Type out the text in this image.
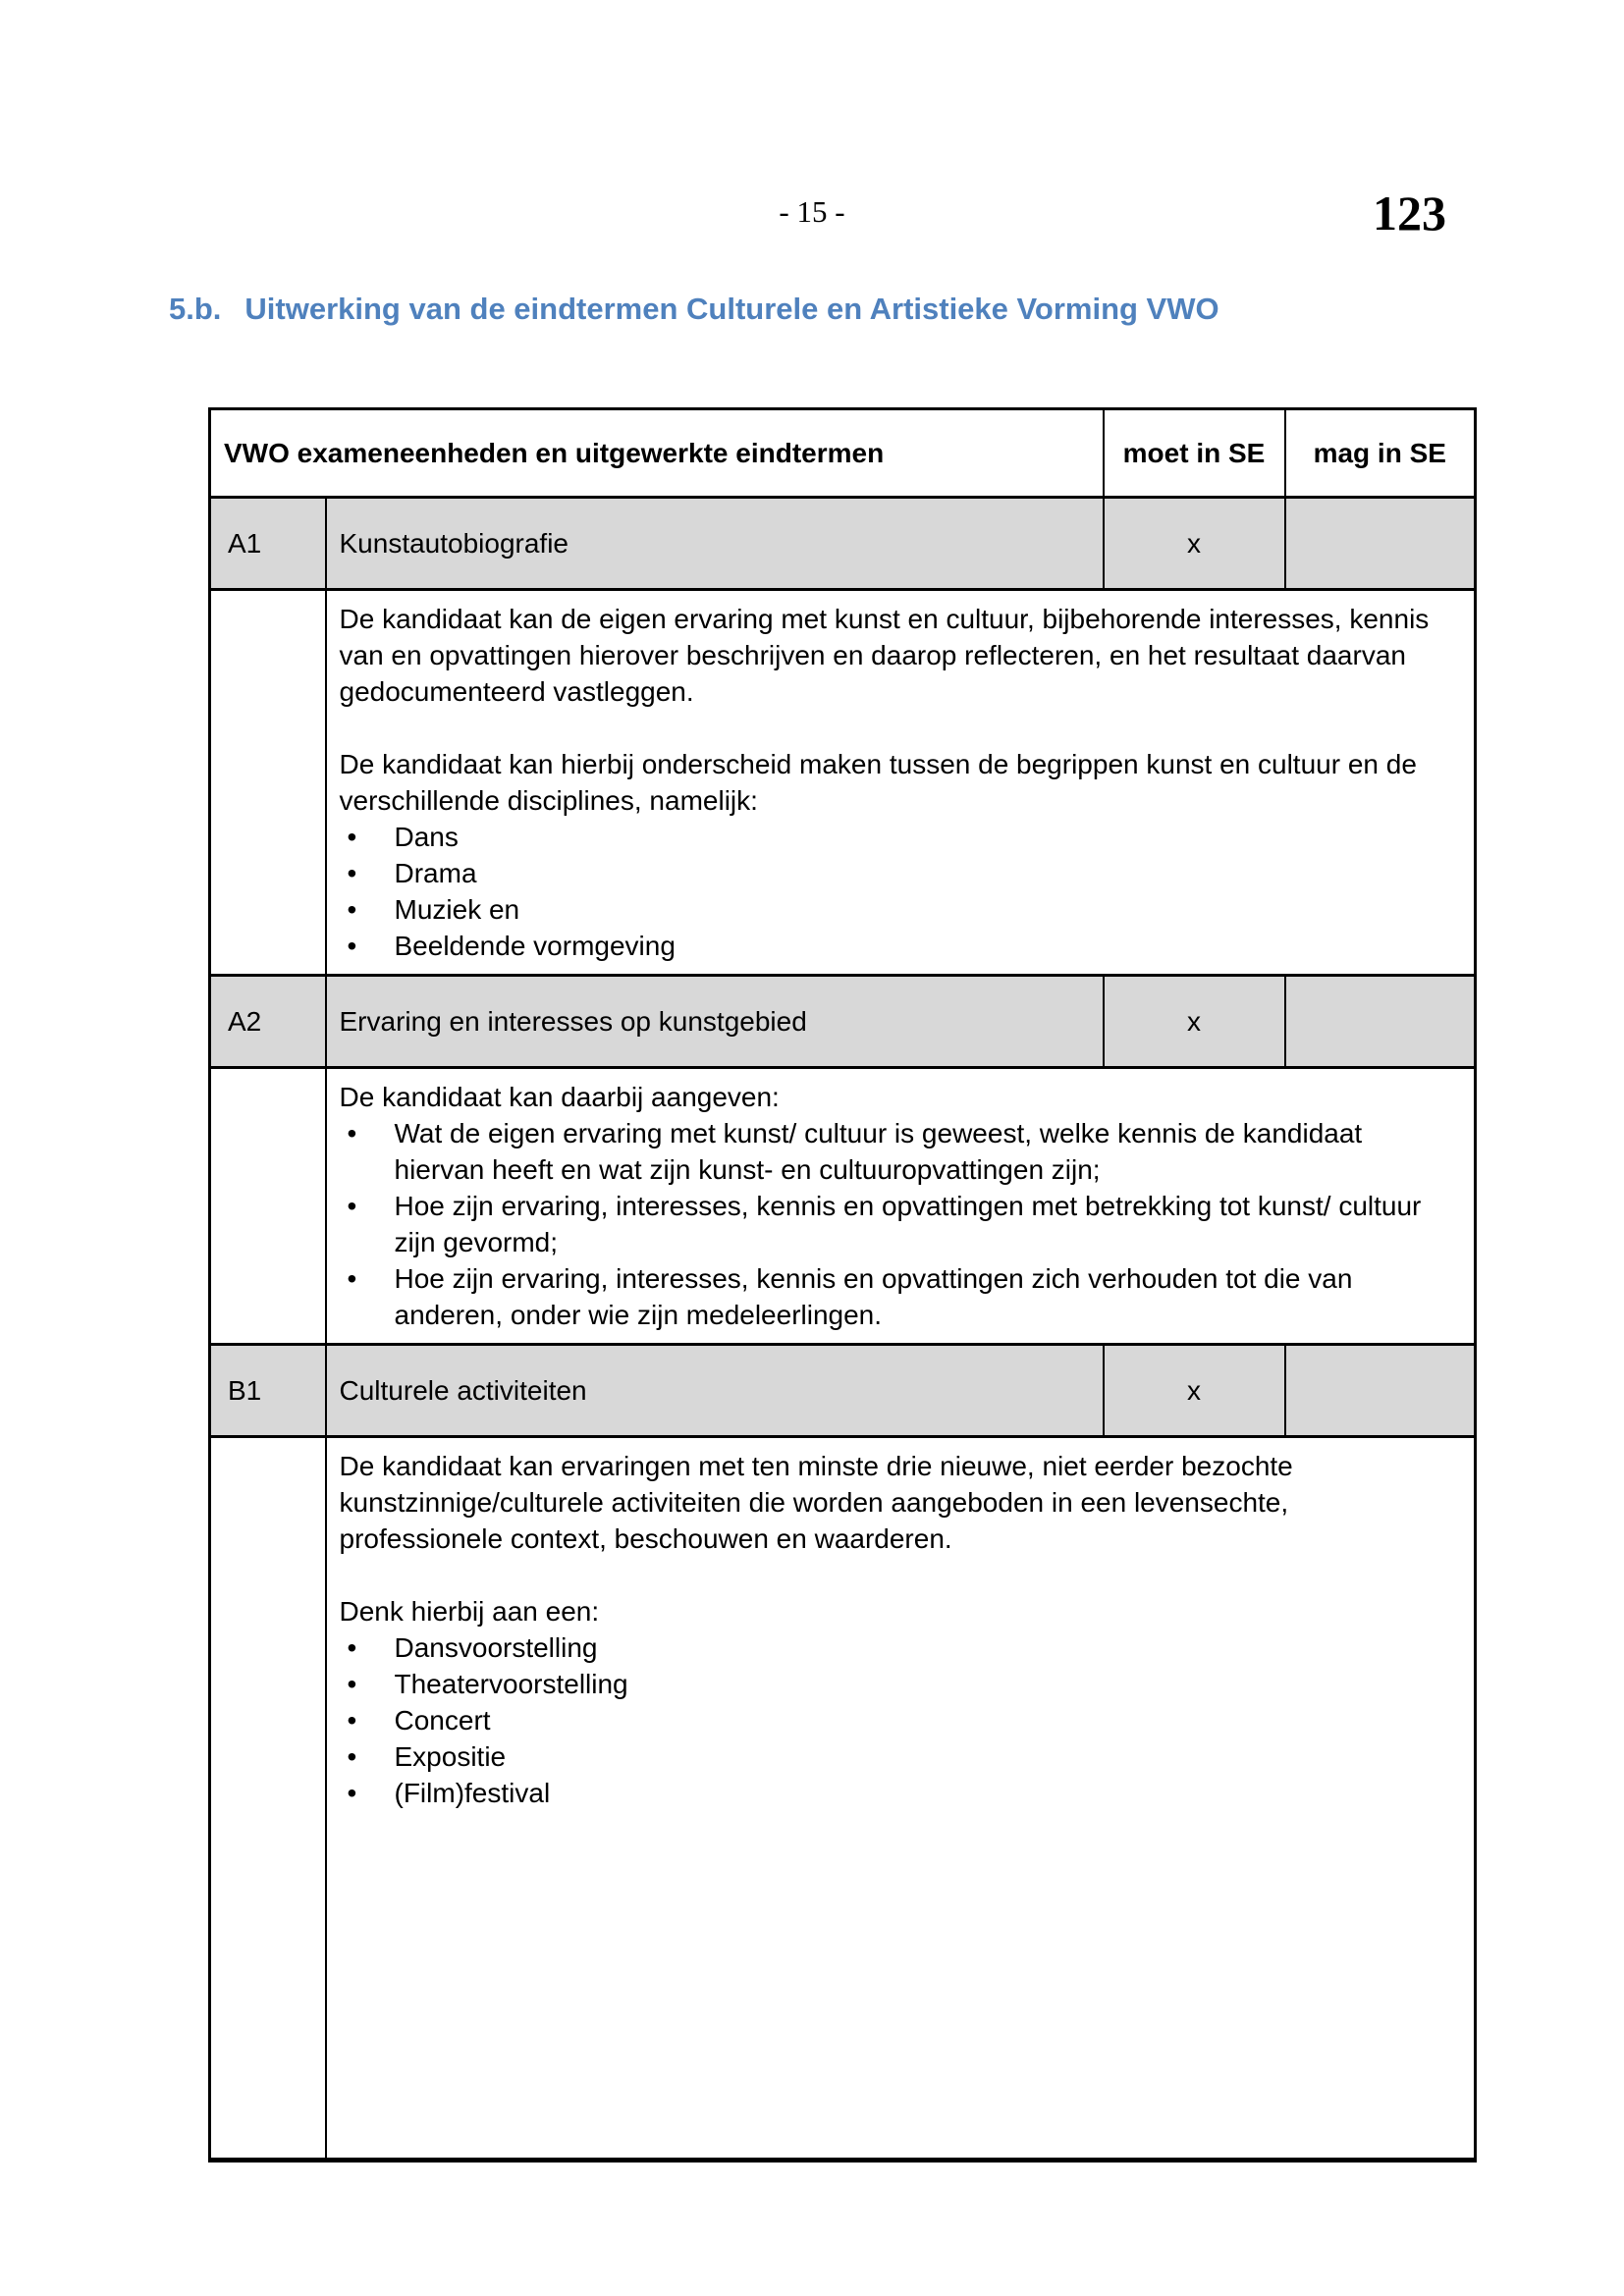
- 15 -	123
5.b. Uitwerking van de eindtermen Culturele en Artistieke Vorming VWO
VWO exameneenheden en uitgewerkte eindtermen		moet in SE	mag in SE
A1	Kunstautobiografie	x	

De kandidaat kan de eigen ervaring met kunst en cultuur, bijbehorende interesses, kennis van en opvattingen hierover beschrijven en daarop reflecteren, en het resultaat daarvan gedocumenteerd vastleggen.

De kandidaat kan hierbij onderscheid maken tussen de begrippen kunst en cultuur en de verschillende disciplines, namelijk:

• Dans
• Drama
• Muziek en
• Beeldende vormgeving

A2	Ervaring en interesses op kunstgebied	x	

De kandidaat kan daarbij aangeven:

• Wat de eigen ervaring met kunst/ cultuur is geweest, welke kennis de kandidaat hiervan heeft en wat zijn kunst- en cultuuropvattingen zijn;
• Hoe zijn ervaring, interesses, kennis en opvattingen met betrekking tot kunst/ cultuur zijn gevormd;
• Hoe zijn ervaring, interesses, kennis en opvattingen zich verhouden tot die van anderen, onder wie zijn medeleerlingen.

B1	Culturele activiteiten	x	

De kandidaat kan ervaringen met ten minste drie nieuwe, niet eerder bezochte kunstzinnige/culturele activiteiten die worden aangeboden in een levensechte, professionele context, beschouwen en waarderen.

Denk hierbij aan een:

• Dansvoorstelling
• Theatervoorstelling
• Concert
• Expositie
• (Film)festival
